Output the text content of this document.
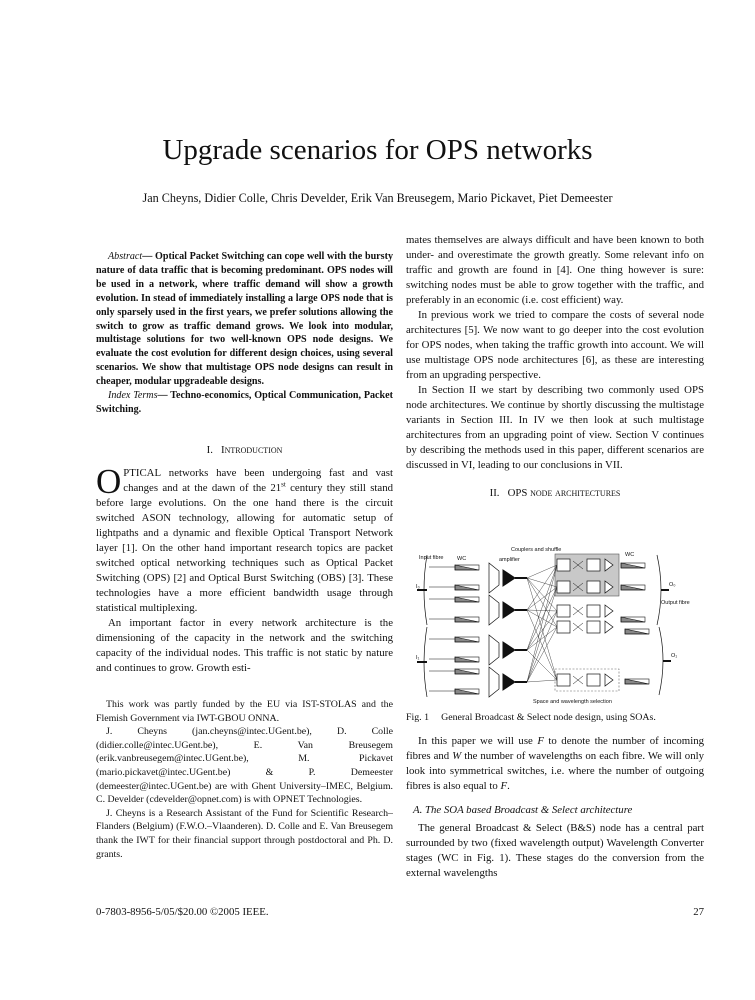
Upgrade scenarios for OPS networks
Jan Cheyns, Didier Colle, Chris Develder, Erik Van Breusegem, Mario Pickavet, Piet Demeester

Abstract— Optical Packet Switching can cope well with the bursty nature of data traffic that is becoming predominant. OPS nodes will be used in a network, where traffic demand will show a growth evolution. In stead of immediately installing a large OPS node that is only sparsely used in the first years, we prefer solutions allowing the switch to grow as traffic demand grows. We look into modular, multistage solutions for two well-known OPS node designs. We evaluate the cost evolution for different design choices, using several scenarios. We show that multistage OPS node designs can result in cheaper, modular upgradeable designs.

Index Terms— Techno-economics, Optical Communication, Packet Switching.

I. Introduction

OPTICAL networks have been undergoing fast and vast changes and at the dawn of the 21st century they still stand before large evolutions. On the one hand there is the circuit switched ASON technology, allowing for automatic setup of lightpaths and a dynamic and flexible Optical Transport Network layer [1]. On the other hand important research topics are packet switched optical networking techniques such as Optical Packet Switching (OPS) [2] and Optical Burst Switching (OBS) [3]. These technologies have a more efficient bandwidth usage through statistical multiplexing.

An important factor in every network architecture is the dimensioning of the capacity in the network and the switching capacity of the individual nodes. This traffic is not static by nature and continues to grow. Growth esti-

This work was partly funded by the EU via IST-STOLAS and the Flemish Government via IWT-GBOU ONNA.

J. Cheyns (jan.cheyns@intec.UGent.be), D. Colle (didier.colle@intec.UGent.be), E. Van Breusegem (erik.vanbreusegem@intec.UGent.be), M. Pickavet (mario.pickavet@intec.UGent.be) & P. Demeester (demeester@intec.UGent.be) are with Ghent University–IMEC, Belgium. C. Develder (cdevelder@opnet.com) is with OPNET Technologies.

J. Cheyns is a Research Assistant of the Fund for Scientific Research–Flanders (Belgium) (F.W.O.–Vlaanderen). D. Colle and E. Van Breusegem thank the IWT for their financial support through postdoctoral and Ph. D. grants.

mates themselves are always difficult and have been known to both under- and overestimate the growth greatly. Some relevant info on traffic and growth are found in [4]. One thing however is sure: switching nodes must be able to grow together with the traffic, and preferably in an economic (i.e. cost efficient) way.

In previous work we tried to compare the costs of several node architectures [5]. We now want to go deeper into the cost evolution for OPS nodes, when taking the traffic growth into account. We will use multistage OPS node architectures [6], as these are interesting from an upgrading perspective.

In Section II we start by describing two commonly used OPS node architectures. We continue by shortly discussing the multistage variants in Section III. In IV we then look at such multistage architectures from an upgrading point of view. Section V continues by describing the methods used in this paper, different scenarios are discussed in VI, leading to our conclusions in VII.

II. OPS node architectures
Input fibre
I₀
I₁
WC	amplifier
Couplers and shuffle
WC
O₀
O₁
Output fibre
Space and wavelength selection
Fig. 1 General Broadcast & Select node design, using SOAs.

In this paper we will use F to denote the number of incoming fibres and W the number of wavelengths on each fibre. We will only look into symmetrical switches, i.e. where the number of outgoing fibres is also equal to F.

A. The SOA based Broadcast & Select architecture

The general Broadcast & Select (B&S) node has a central part surrounded by two (fixed wavelength output) Wavelength Converter stages (WC in Fig. 1). These stages do the conversion from the external wavelengths

0-7803-8956-5/05/$20.00 ©2005 IEEE.	27
